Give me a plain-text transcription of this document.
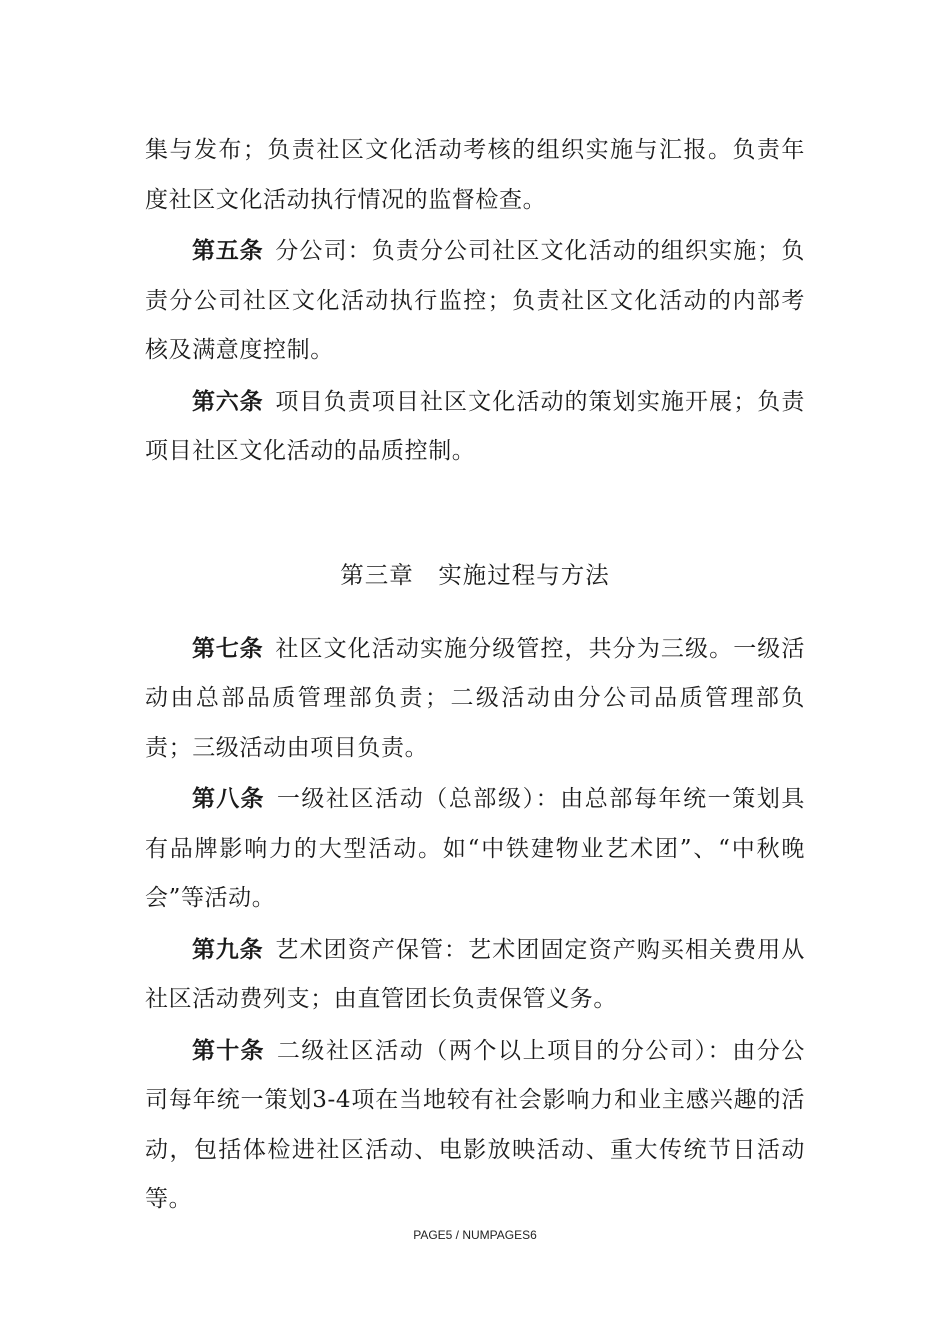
集与发布；负责社区文化活动考核的组织实施与汇报。负责年度社区文化活动执行情况的监督检查。

第五条 分公司：负责分公司社区文化活动的组织实施；负责分公司社区文化活动执行监控；负责社区文化活动的内部考核及满意度控制。

第六条 项目负责项目社区文化活动的策划实施开展；负责项目社区文化活动的品质控制。

第三章　实施过程与方法

第七条 社区文化活动实施分级管控，共分为三级。一级活动由总部品质管理部负责；二级活动由分公司品质管理部负责；三级活动由项目负责。

第八条 一级社区活动（总部级）：由总部每年统一策划具有品牌影响力的大型活动。如“中铁建物业艺术团”、“中秋晚会”等活动。

第九条 艺术团资产保管：艺术团固定资产购买相关费用从社区活动费列支；由直管团长负责保管义务。

第十条 二级社区活动（两个以上项目的分公司）：由分公司每年统一策划3-4项在当地较有社会影响力和业主感兴趣的活动，包括体检进社区活动、电影放映活动、重大传统节日活动等。

PAGE5 / NUMPAGES6
